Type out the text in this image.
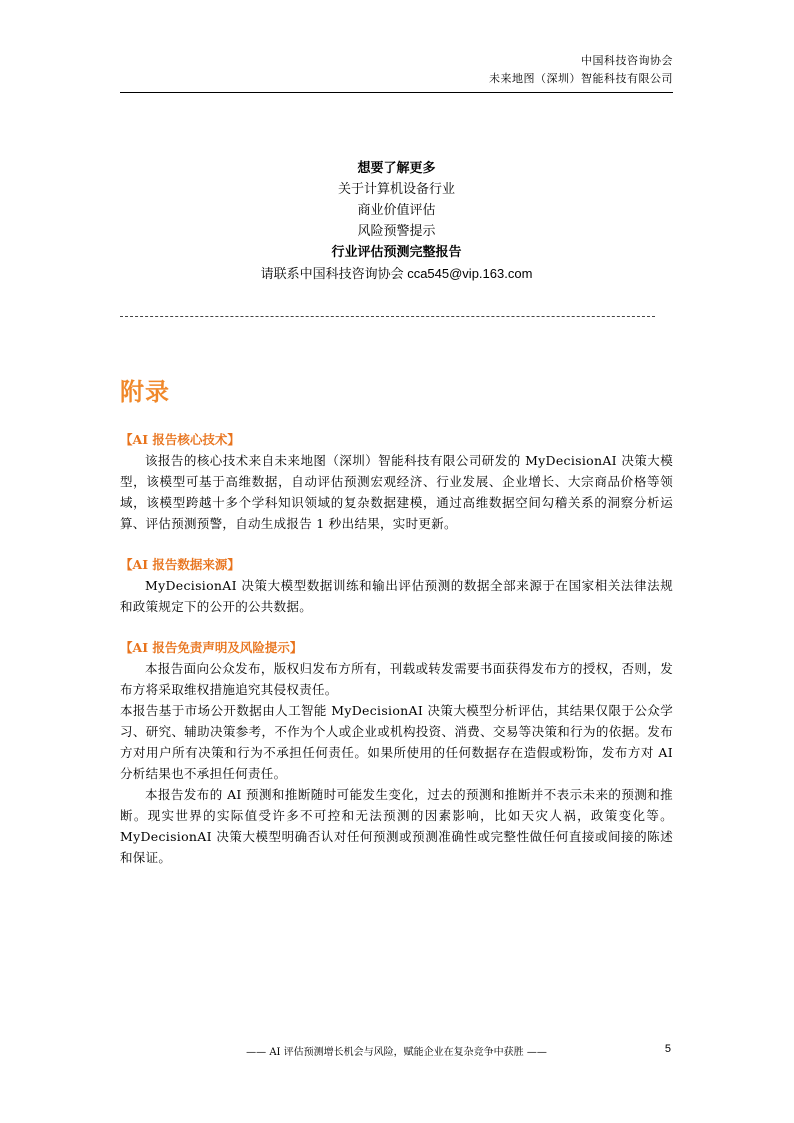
中国科技咨询协会
未来地图（深圳）智能科技有限公司
想要了解更多
关于计算机设备行业
商业价值评估
风险预警提示
行业评估预测完整报告
请联系中国科技咨询协会 cca545@vip.163.com
附录
【AI 报告核心技术】
该报告的核心技术来自未来地图（深圳）智能科技有限公司研发的 MyDecisionAI 决策大模型，该模型可基于高维数据，自动评估预测宏观经济、行业发展、企业增长、大宗商品价格等领域，该模型跨越十多个学科知识领域的复杂数据建模，通过高维数据空间勾稽关系的洞察分析运算、评估预测预警，自动生成报告 1 秒出结果，实时更新。
【AI 报告数据来源】
MyDecisionAI 决策大模型数据训练和输出评估预测的数据全部来源于在国家相关法律法规和政策规定下的公开的公共数据。
【AI 报告免责声明及风险提示】
本报告面向公众发布，版权归发布方所有，刊载或转发需要书面获得发布方的授权，否则，发布方将采取维权措施追究其侵权责任。
本报告基于市场公开数据由人工智能 MyDecisionAI 决策大模型分析评估，其结果仅限于公众学习、研究、辅助决策参考，不作为个人或企业或机构投资、消费、交易等决策和行为的依据。发布方对用户所有决策和行为不承担任何责任。如果所使用的任何数据存在造假或粉饰，发布方对 AI 分析结果也不承担任何责任。
本报告发布的 AI 预测和推断随时可能发生变化，过去的预测和推断并不表示未来的预测和推断。现实世界的实际值受许多不可控和无法预测的因素影响，比如天灾人祸，政策变化等。MyDecisionAI 决策大模型明确否认对任何预测或预测准确性或完整性做任何直接或间接的陈述和保证。
—— AI 评估预测增长机会与风险，赋能企业在复杂竞争中获胜 ——	5
